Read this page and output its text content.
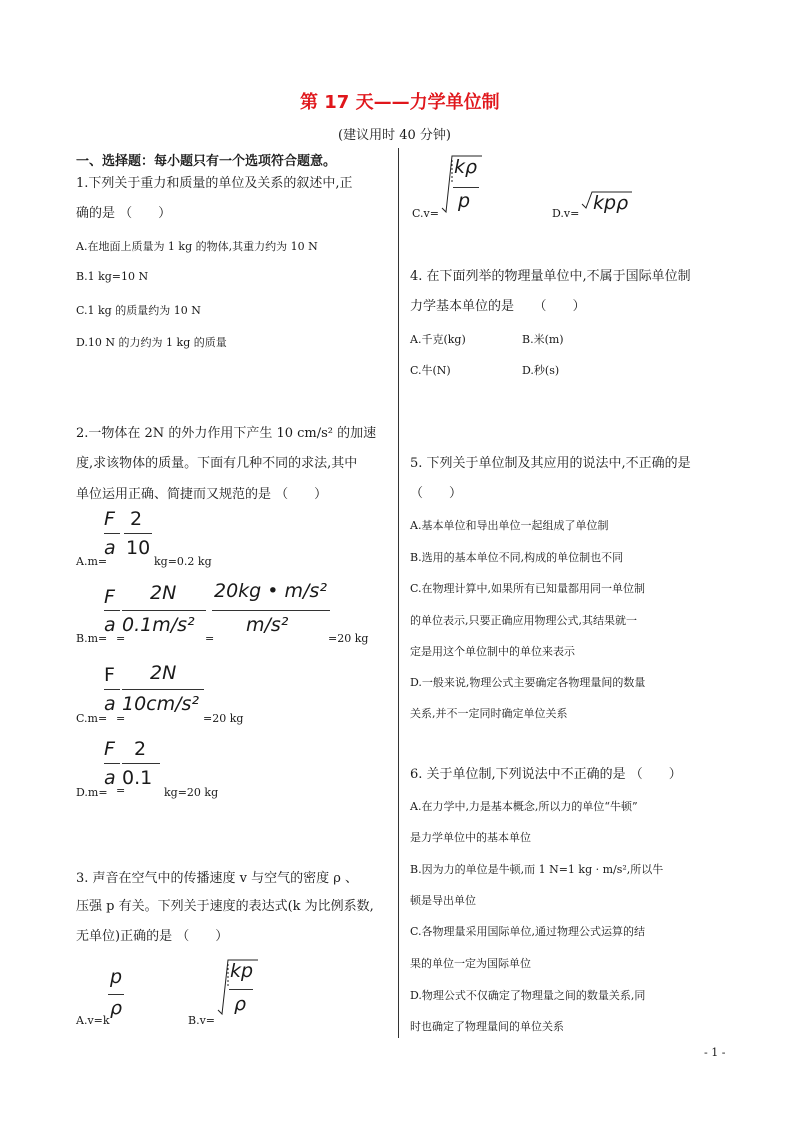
第 17 天——力学单位制
(建议用时 40 分钟)
一、选择题：每小题只有一个选项符合题意。
1.下列关于重力和质量的单位及关系的叙述中,正
确的是 （　　）
A.在地面上质量为 1 kg 的物体,其重力约为 10 N
B.1 kg=10 N
C.1 kg 的质量约为 10 N
D.10 N 的力约为 1 kg 的质量
2.一物体在 2N 的外力作用下产生 10 cm/s² 的加速
度,求该物体的质量。下面有几种不同的求法,其中
单位运用正确、简捷而又规范的是 （　　）
F
a
2
10
A.m=	kg=0.2 kg
F
a
=
2N
0.1m/s²
=
20kg • m/s²
m/s²
B.m=	=20 kg
F
a
=
2N
10cm/s²
C.m=	=20 kg
F
a
=
2
0.1
D.m=	kg=20 kg
3. 声音在空气中的传播速度 v 与空气的密度 ρ 、
压强 p 有关。下列关于速度的表达式(k 为比例系数,
无单位)正确的是 （　　）
p
ρ
A.v=k	B.v=
kp
ρ
C.v=
kρ
p
D.v= kpρ
4. 在下面列举的物理量单位中,不属于国际单位制
力学基本单位的是　　（　　）
A.千克(kg)	B.米(m)
C.牛(N)	D.秒(s)
5. 下列关于单位制及其应用的说法中,不正确的是
（　　）
A.基本单位和导出单位一起组成了单位制
B.选用的基本单位不同,构成的单位制也不同
C.在物理计算中,如果所有已知量都用同一单位制
的单位表示,只要正确应用物理公式,其结果就一
定是用这个单位制中的单位来表示
D.一般来说,物理公式主要确定各物理量间的数量
关系,并不一定同时确定单位关系
6. 关于单位制,下列说法中不正确的是 （　　）
A.在力学中,力是基本概念,所以力的单位“牛顿”
是力学单位中的基本单位
B.因为力的单位是牛顿,而 1 N=1 kg · m/s²,所以牛
顿是导出单位
C.各物理量采用国际单位,通过物理公式运算的结
果的单位一定为国际单位
D.物理公式不仅确定了物理量之间的数量关系,同
时也确定了物理量间的单位关系
- 1 -
